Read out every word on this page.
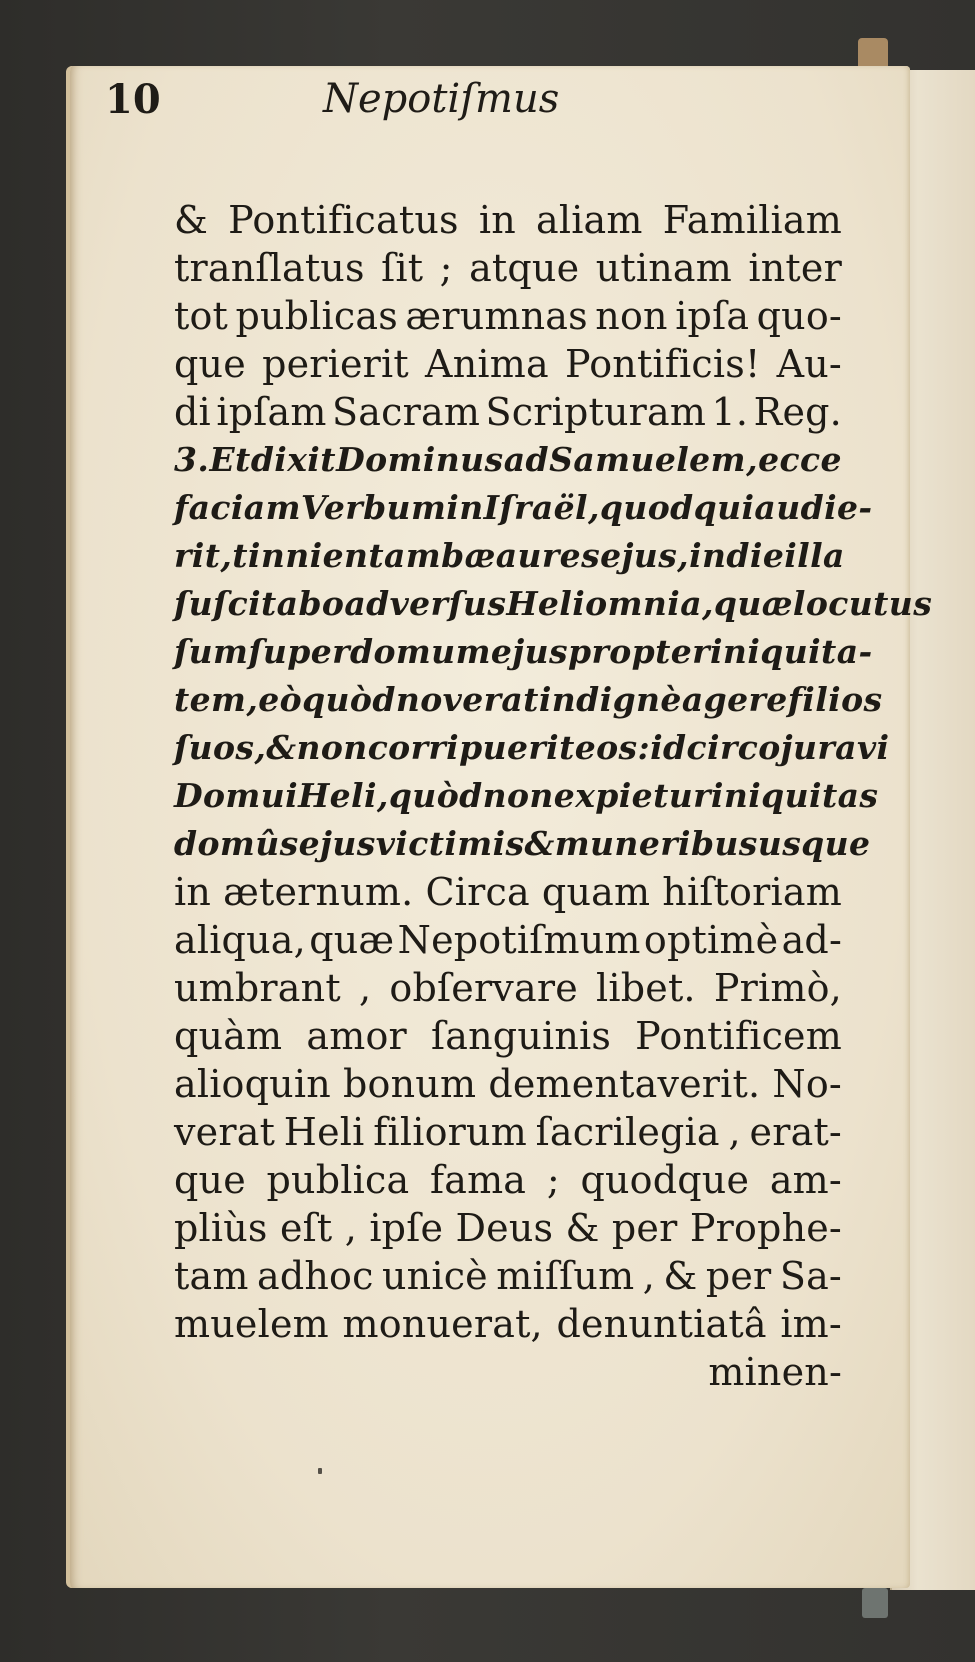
10	Nepotiſmus
& Pontificatus in aliam Familiam
tranſlatus ſit ; atque utinam inter
tot publicas ærumnas non ipſa quo-
que perierit Anima Pontificis! Au-
di ipſam Sacram Scripturam 1. Reg.
3. Et dixit Dominus ad Samuelem , ecce
faciam Verbum in Iſraël, quod qui audie-
rit, tinnient ambæ aures ejus , in die illa
ſuſcitabo adverſus Heli omnia , quæ locutus
ſum ſuper domum ejus propter iniquita-
tem , eò quòd noverat indignè agere filios
ſuos, & non corripuerit eos : idcirco juravi
Domui Heli, quòd non expietur iniquitas
domûs ejus victimis & muneribus usque
in æternum. Circa quam hiſtoriam
aliqua, quæ Nepotiſmum optimè ad-
umbrant , obſervare libet. Primò,
quàm amor ſanguinis Pontificem
alioquin bonum dementaverit. No-
verat Heli filiorum ſacrilegia , erat-
que publica fama ; quodque am-
pliùs eſt , ipſe Deus & per Prophe-
tam adhoc unicè miſſum , & per Sa-
muelem monuerat, denuntiatâ im-
minen-
